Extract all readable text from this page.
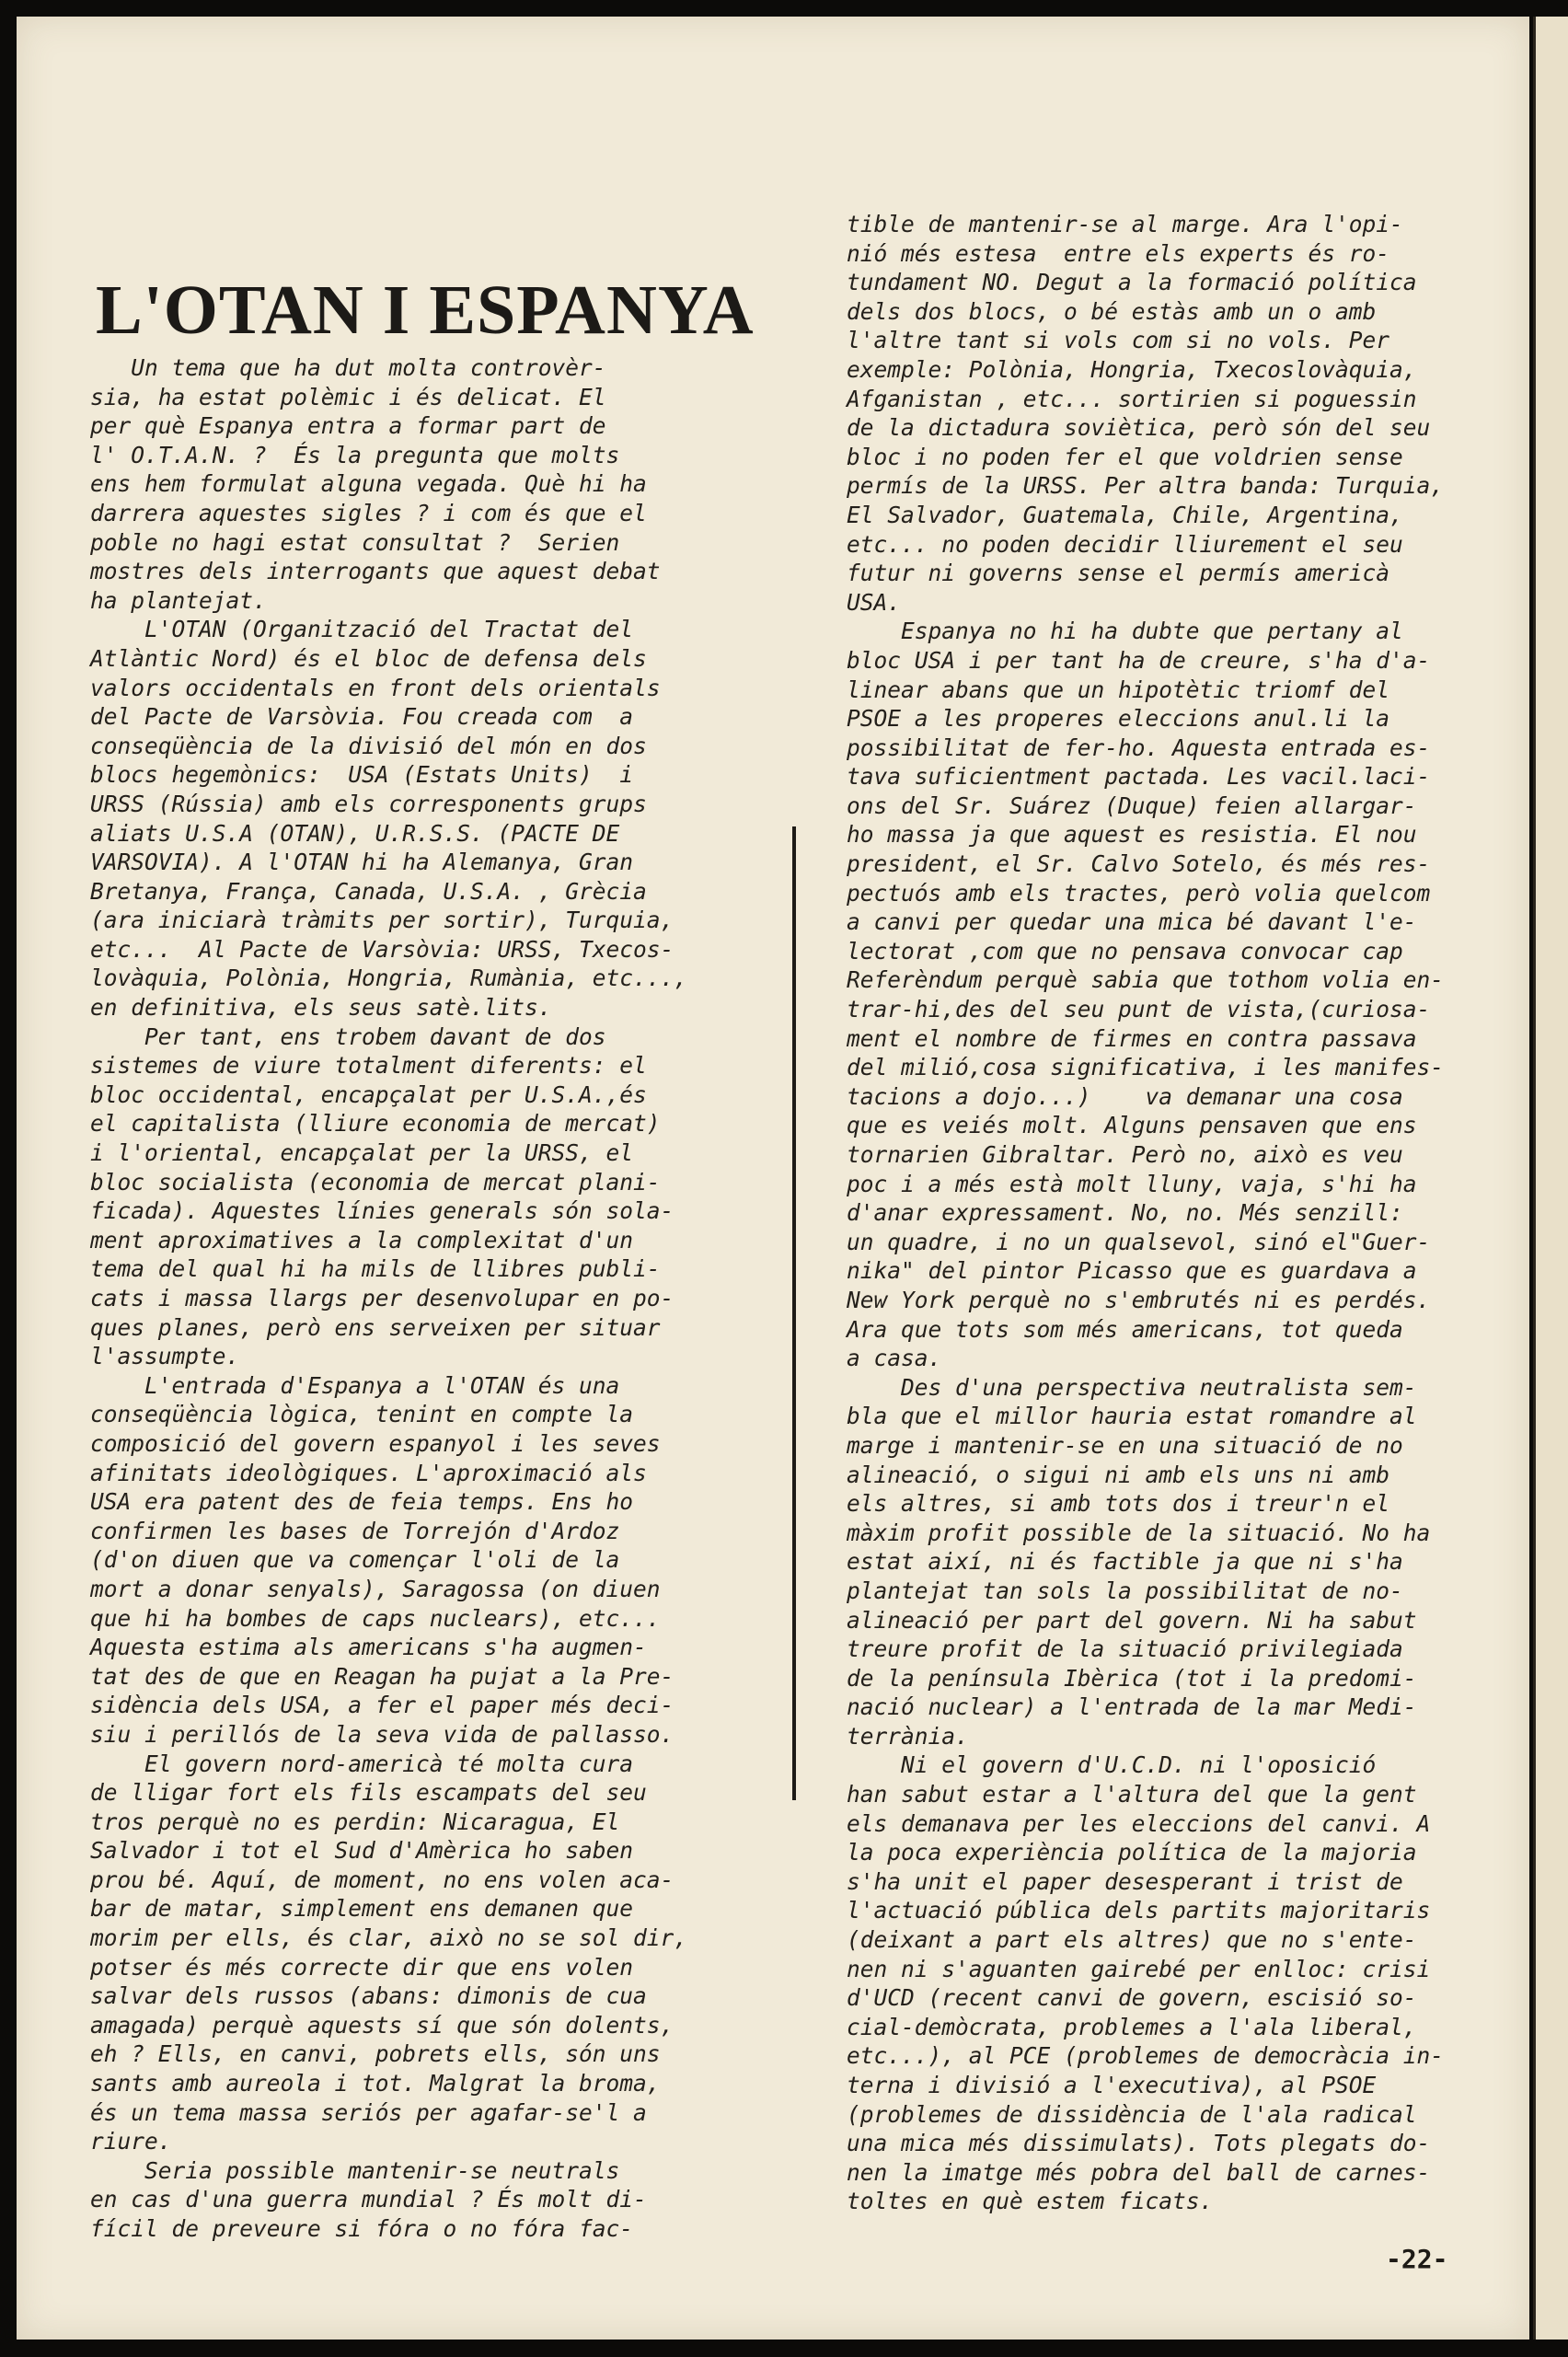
L'OTAN I ESPANYA
Un tema que ha dut molta controvèr-
sia, ha estat polèmic i és delicat. El
per què Espanya entra a formar part de
l' O.T.A.N. ?  És la pregunta que molts
ens hem formulat alguna vegada. Què hi ha
darrera aquestes sigles ? i com és que el
poble no hagi estat consultat ?  Serien
mostres dels interrogants que aquest debat
ha plantejat.
L'OTAN (Organització del Tractat del
Atlàntic Nord) és el bloc de defensa dels
valors occidentals en front dels orientals
del Pacte de Varsòvia. Fou creada com  a
conseqüència de la divisió del món en dos
blocs hegemònics:  USA (Estats Units)  i
URSS (Rússia) amb els corresponents grups
aliats U.S.A (OTAN), U.R.S.S. (PACTE DE
VARSOVIA). A l'OTAN hi ha Alemanya, Gran
Bretanya, França, Canada, U.S.A. , Grècia
(ara iniciarà tràmits per sortir), Turquia,
etc...  Al Pacte de Varsòvia: URSS, Txecos-
lovàquia, Polònia, Hongria, Rumània, etc...,
en definitiva, els seus satè.lits.
Per tant, ens trobem davant de dos
sistemes de viure totalment diferents: el
bloc occidental, encapçalat per U.S.A.,és
el capitalista (lliure economia de mercat)
i l'oriental, encapçalat per la URSS, el
bloc socialista (economia de mercat plani-
ficada). Aquestes línies generals són sola-
ment aproximatives a la complexitat d'un
tema del qual hi ha mils de llibres publi-
cats i massa llargs per desenvolupar en po-
ques planes, però ens serveixen per situar
l'assumpte.
L'entrada d'Espanya a l'OTAN és una
conseqüència lògica, tenint en compte la
composició del govern espanyol i les seves
afinitats ideològiques. L'aproximació als
USA era patent des de feia temps. Ens ho
confirmen les bases de Torrejón d'Ardoz
(d'on diuen que va començar l'oli de la
mort a donar senyals), Saragossa (on diuen
que hi ha bombes de caps nuclears), etc...
Aquesta estima als americans s'ha augmen-
tat des de que en Reagan ha pujat a la Pre-
sidència dels USA, a fer el paper més deci-
siu i perillós de la seva vida de pallasso.
El govern nord-americà té molta cura
de lligar fort els fils escampats del seu
tros perquè no es perdin: Nicaragua, El
Salvador i tot el Sud d'Amèrica ho saben
prou bé. Aquí, de moment, no ens volen aca-
bar de matar, simplement ens demanen que
morim per ells, és clar, això no se sol dir,
potser és més correcte dir que ens volen
salvar dels russos (abans: dimonis de cua
amagada) perquè aquests sí que són dolents,
eh ? Ells, en canvi, pobrets ells, són uns
sants amb aureola i tot. Malgrat la broma,
és un tema massa seriós per agafar-se'l a
riure.
Seria possible mantenir-se neutrals
en cas d'una guerra mundial ? És molt di-
fícil de preveure si fóra o no fóra fac-
tible de mantenir-se al marge. Ara l'opi-
nió més estesa  entre els experts és ro-
tundament NO. Degut a la formació política
dels dos blocs, o bé estàs amb un o amb
l'altre tant si vols com si no vols. Per
exemple: Polònia, Hongria, Txecoslovàquia,
Afganistan , etc... sortirien si poguessin
de la dictadura soviètica, però són del seu
bloc i no poden fer el que voldrien sense
permís de la URSS. Per altra banda: Turquia,
El Salvador, Guatemala, Chile, Argentina,
etc... no poden decidir lliurement el seu
futur ni governs sense el permís americà
USA.
Espanya no hi ha dubte que pertany al
bloc USA i per tant ha de creure, s'ha d'a-
linear abans que un hipotètic triomf del
PSOE a les properes eleccions anul.li la
possibilitat de fer-ho. Aquesta entrada es-
tava suficientment pactada. Les vacil.laci-
ons del Sr. Suárez (Duque) feien allargar-
ho massa ja que aquest es resistia. El nou
president, el Sr. Calvo Sotelo, és més res-
pectuós amb els tractes, però volia quelcom
a canvi per quedar una mica bé davant l'e-
lectorat ,com que no pensava convocar cap
Referèndum perquè sabia que tothom volia en-
trar-hi,des del seu punt de vista,(curiosa-
ment el nombre de firmes en contra passava
del milió,cosa significativa, i les manifes-
tacions a dojo...)    va demanar una cosa
que es veiés molt. Alguns pensaven que ens
tornarien Gibraltar. Però no, això es veu
poc i a més està molt lluny, vaja, s'hi ha
d'anar expressament. No, no. Més senzill:
un quadre, i no un qualsevol, sinó el"Guer-
nika" del pintor Picasso que es guardava a
New York perquè no s'embrutés ni es perdés.
Ara que tots som més americans, tot queda
a casa.
Des d'una perspectiva neutralista sem-
bla que el millor hauria estat romandre al
marge i mantenir-se en una situació de no
alineació, o sigui ni amb els uns ni amb
els altres, si amb tots dos i treur'n el
màxim profit possible de la situació. No ha
estat així, ni és factible ja que ni s'ha
plantejat tan sols la possibilitat de no-
alineació per part del govern. Ni ha sabut
treure profit de la situació privilegiada
de la península Ibèrica (tot i la predomi-
nació nuclear) a l'entrada de la mar Medi-
terrània.
Ni el govern d'U.C.D. ni l'oposició
han sabut estar a l'altura del que la gent
els demanava per les eleccions del canvi. A
la poca experiència política de la majoria
s'ha unit el paper desesperant i trist de
l'actuació pública dels partits majoritaris
(deixant a part els altres) que no s'ente-
nen ni s'aguanten gairebé per enlloc: crisi
d'UCD (recent canvi de govern, escisió so-
cial-demòcrata, problemes a l'ala liberal,
etc...), al PCE (problemes de democràcia in-
terna i divisió a l'executiva), al PSOE
(problemes de dissidència de l'ala radical
una mica més dissimulats). Tots plegats do-
nen la imatge més pobra del ball de carnes-
toltes en què estem ficats.
-22-
